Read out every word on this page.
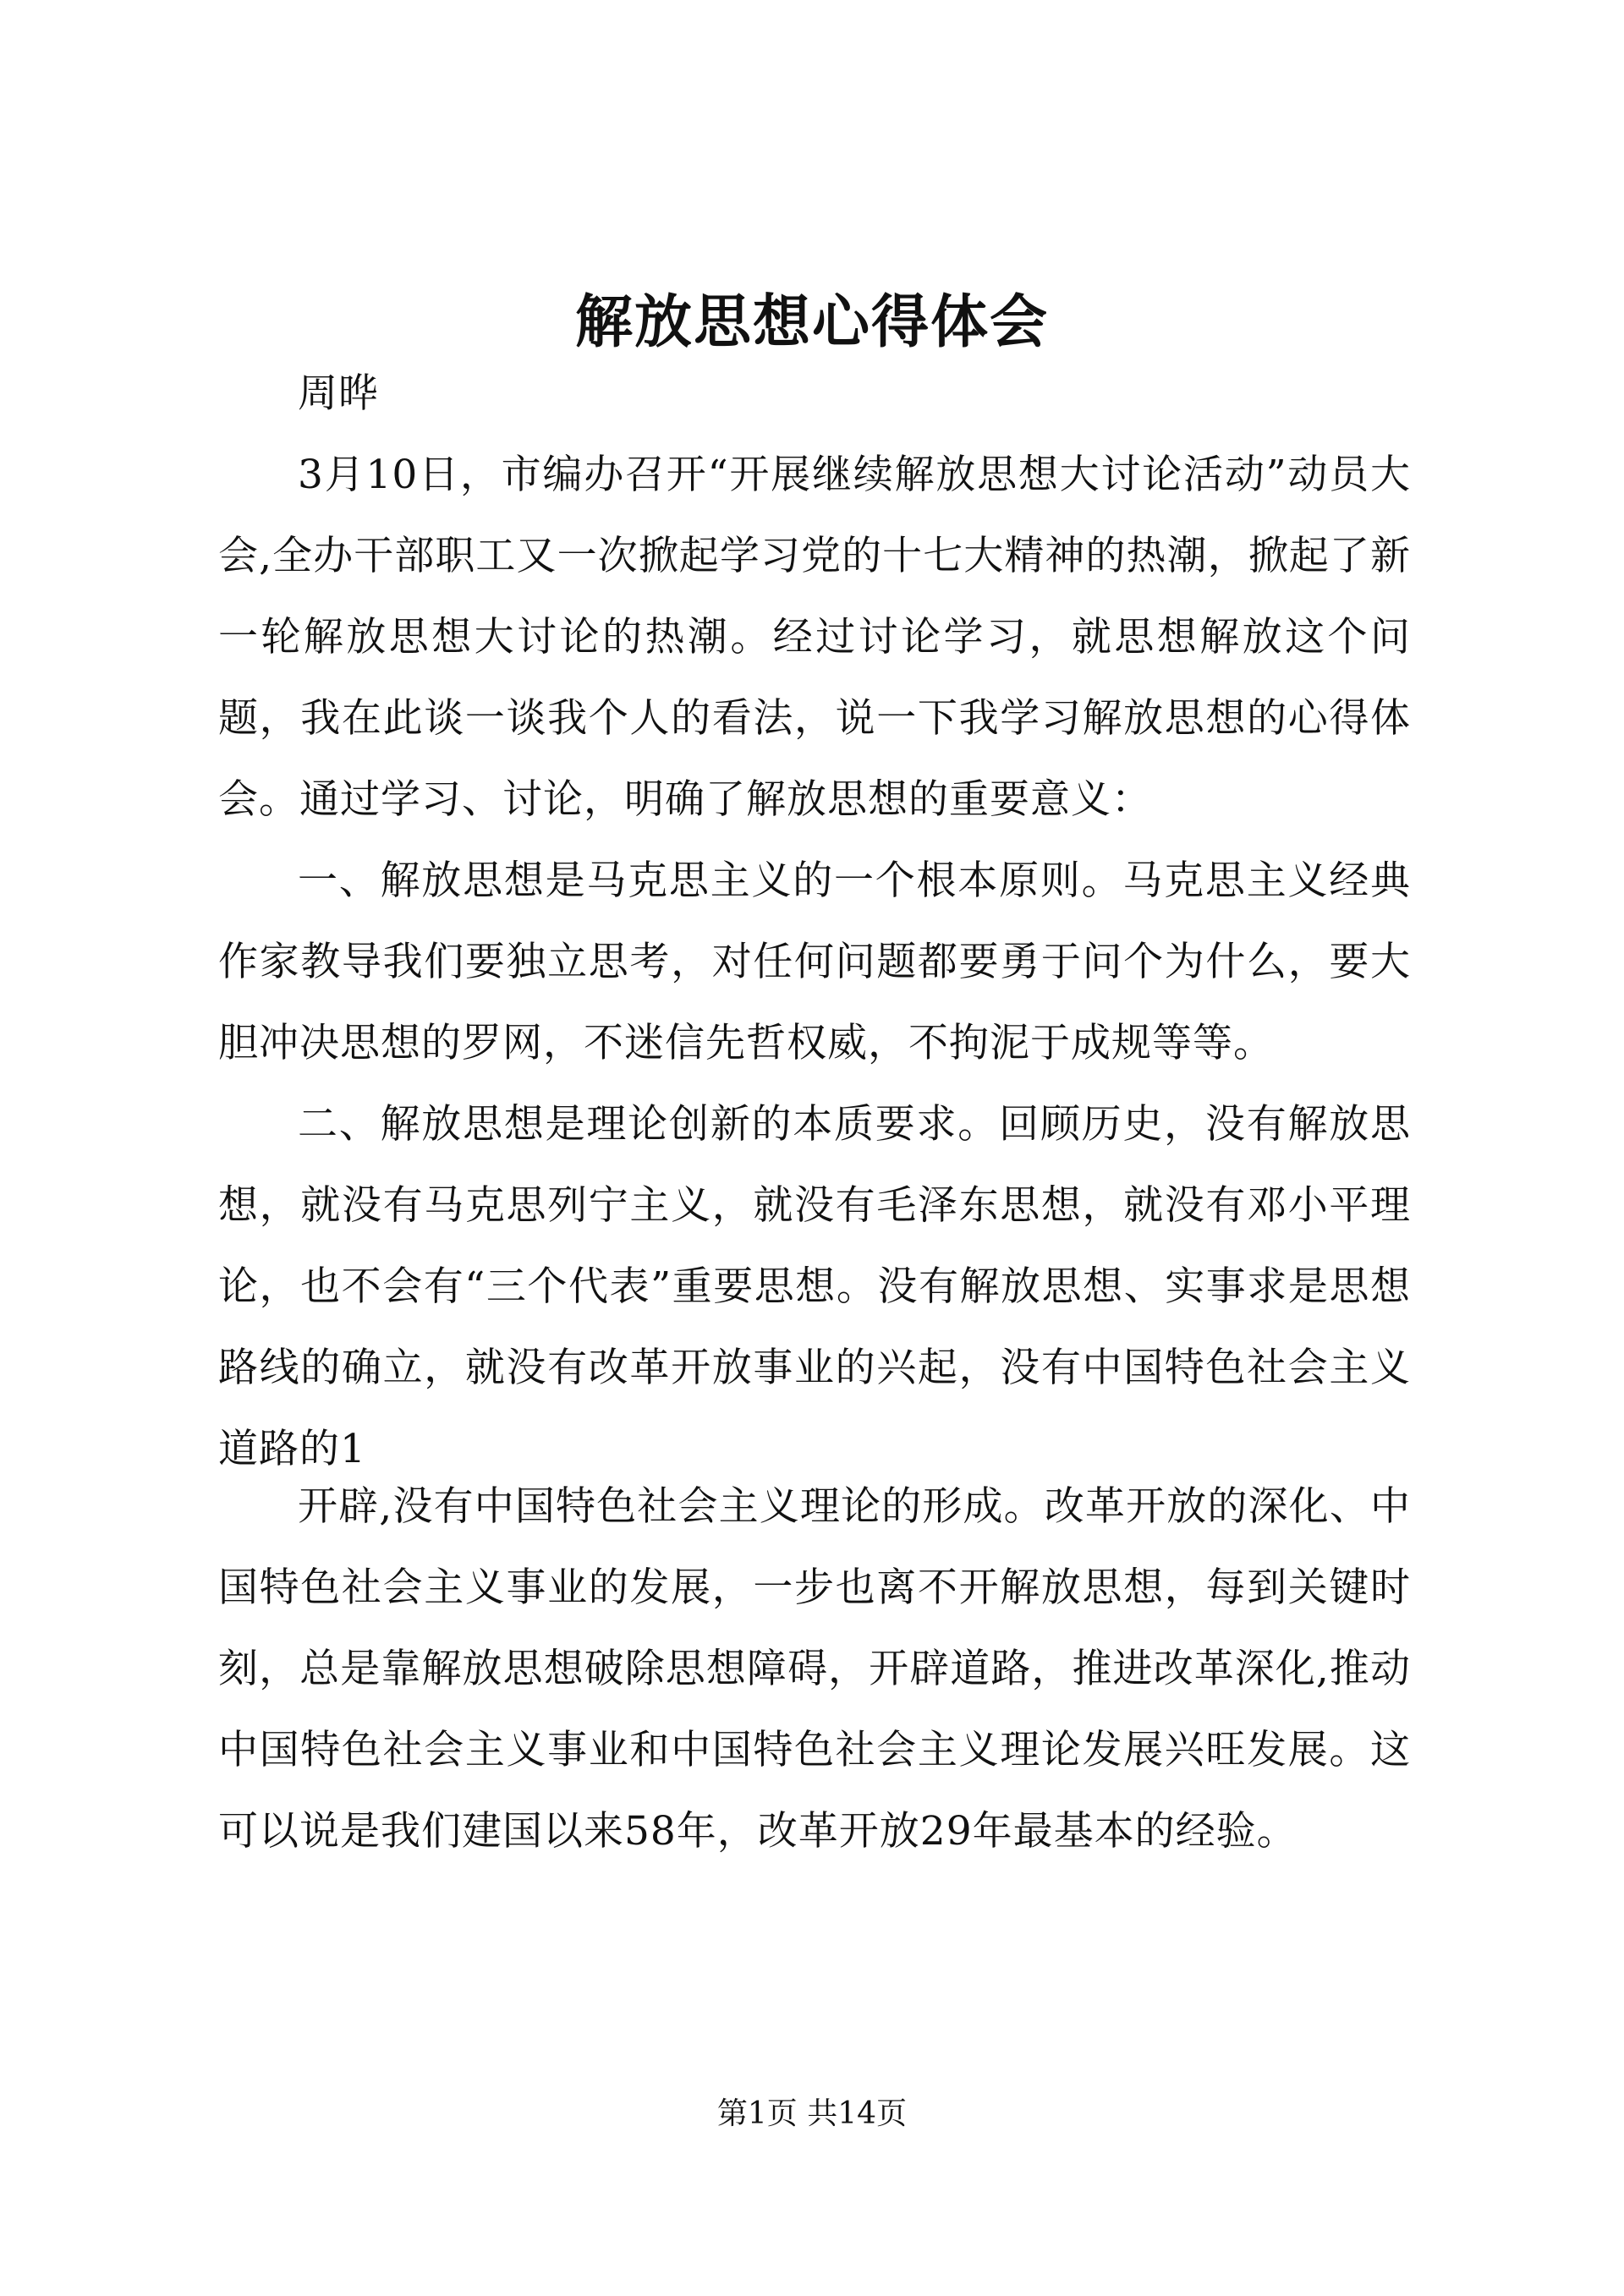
解放思想心得体会

周晔

3月10日，市编办召开“开展继续解放思想大讨论活动”动员大会,全办干部职工又一次掀起学习党的十七大精神的热潮，掀起了新一轮解放思想大讨论的热潮。经过讨论学习，就思想解放这个问题，我在此谈一谈我个人的看法，说一下我学习解放思想的心得体会。通过学习、讨论，明确了解放思想的重要意义：

一、解放思想是马克思主义的一个根本原则。马克思主义经典作家教导我们要独立思考，对任何问题都要勇于问个为什么，要大胆冲决思想的罗网，不迷信先哲权威，不拘泥于成规等等。

二、解放思想是理论创新的本质要求。回顾历史，没有解放思想，就没有马克思列宁主义，就没有毛泽东思想，就没有邓小平理论，也不会有“三个代表”重要思想。没有解放思想、实事求是思想路线的确立，就没有改革开放事业的兴起，没有中国特色社会主义道路的1

开辟,没有中国特色社会主义理论的形成。改革开放的深化、中国特色社会主义事业的发展，一步也离不开解放思想，每到关键时刻，总是靠解放思想破除思想障碍，开辟道路，推进改革深化,推动中国特色社会主义事业和中国特色社会主义理论发展兴旺发展。这可以说是我们建国以来58年，改革开放29年最基本的经验。

第1页 共14页
